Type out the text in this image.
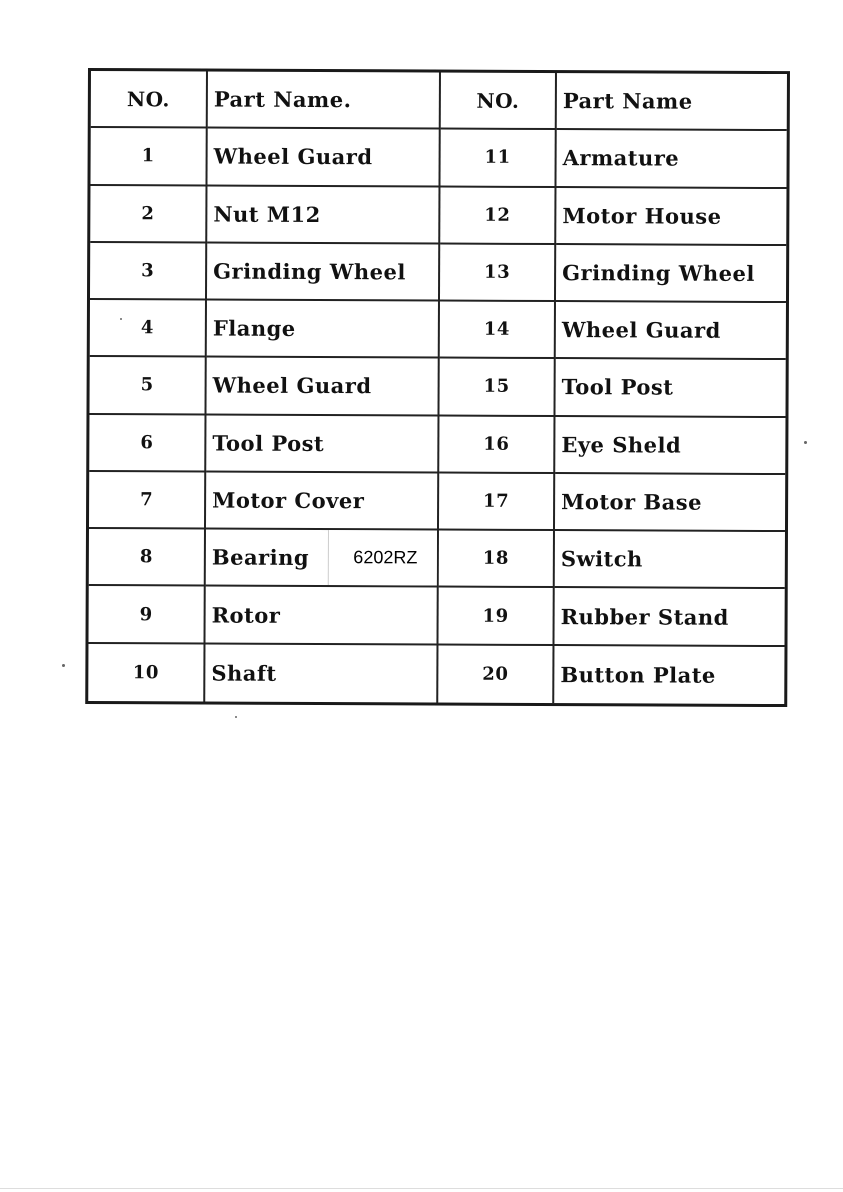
NO.	Part Name.	NO.	Part Name
1	Wheel Guard	11	Armature
2	Nut M12	12	Motor House
3	Grinding Wheel	13	Grinding Wheel
4	Flange	14	Wheel Guard
5	Wheel Guard	15	Tool Post
6	Tool Post	16	Eye Sheld
7	Motor Cover	17	Motor Base
8	Bearing	6202RZ	18	Switch
9	Rotor	19	Rubber Stand
10	Shaft	20	Button Plate
